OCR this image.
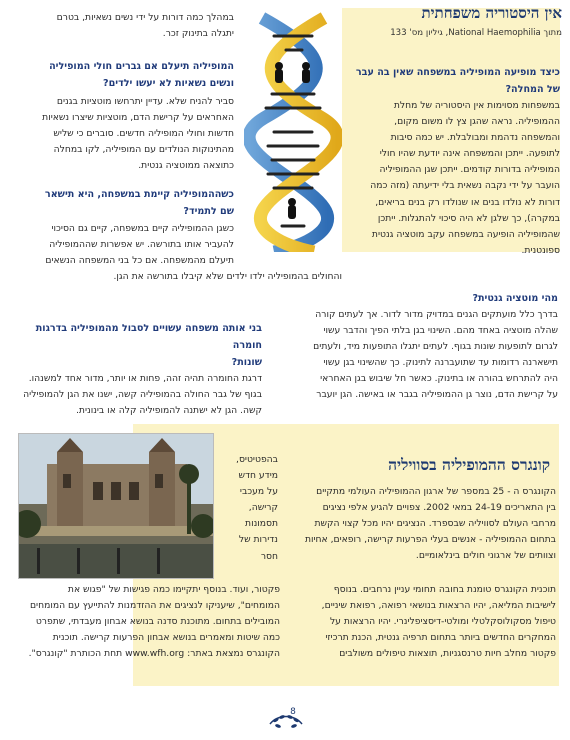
אין היסטוריה משפחתית
מתוך National Haemophilia, גיליון מס' 133
כיצד מופיעה המופיליה במשפחה שאין בה עבר
של המחלה?
במשפחות מסוימות אין היסטוריה של מחלת
ההמופיליה. נראה שהגן צץ לו משום מקום,
והמשפחה נדהמת ומבולבלת. יש כמה סיבות
לתופעה. ייתכן והמשפחה אינה יודעת שהיו חולי
המופיליה בדורות קודמים. ייתכן שגן ההמופיליה
הועבר על ידי נקבה נשאית בלי ידיעתה (מזה כמה
דורות לא נולדו בנים או שנולדו רק בנים בריאים,
במקרה), כך שלגן לא היה סיכוי להתגלות. ייתכן
שהמופיליה הופיעה במשפחה עקב מוטציה גנטית
ספונטנית.
במהלך כמה דורות על ידי נשים נשאיות, בטרם
יתגלה בתינוק זכר.
המופיליה תיעלם אם גברים חולי המופיליה
ונשים נשאיות לא יעשו ילדים?
סביר להניח שלא. עדיין יתרחשו מוטציות בגנים
האחראים על קרישת הדם, מוטציות שיצרו נשאיות
חדשות וחולי המופיליה חדשים. סוברים כי שליש
מהתינוקות הנולדים עם המופיליה, לקו במחלה
כתוצאה ממוטציה גנטית.
כשההמופיליה קיימת במשפחה, היא תישאר
שם לתמיד?
כשגן ההמופיליה קיים במשפחה, קיים גם הסיכוי
להעביר אותו בתורשה. יש אפשרות שההמופיליה
תיעלם מהמשפחה. אם כל בני המשפחה הנשאים
והחולים בהמופיליה ילדו ילדים שלא קיבלו בתורשה את הגן.
מהי מוטציה גנטית?
בדרך כלל מועתקים הגנים במדויק מדור לדור. אך לעתים קורה
שהלה מוטציה באחד מהם. השינוי בגן בלתי הפיך והדבר עשוי
לגרום לתופעות שונות בגוף. לעתים יתגלו התופעות מיד, ולעתים
תישארנה רדומות עד שתועברנה לתינוק. כך שהשינוי בגן עשוי
היה להתרחש בהורה או בתינוק. כאשר חל שיבוש בגן האחראי
על קרישת הדם, נוצר גן ההמופיליה בגבר או באישה. הגן יועבר
בני אותה משפחה עשויים לסבול מהמופיליה בדרגות חומרה
שונות?
דרגת החומרה תהיה זהה, פחות או יותר, מדור אחד למשנהו.
בגוף של גבר החולה בהמופיליה קשה, ישנו את הגן להמופיליה
קשה. הגן לא ישתנה להמופיליה קלה או בינונית.
קונגרס ההמופיליה בסוויליה
הקונגרס ה - 25 במספר של ארגון ההמופיליה העולמי מתקיים
בין התאריכים 24-19 במאי 2002. צפויים להגיע אלפי נציגים
מרחבי העולם לסוויליה שבספרד. הנציגים יהיו מכל קצוי הקשת
בתחום ההמופיליה - אנשים בעלי הפרעות קרישה, רופאים, אחיות
וצוותים של ארגוני חולים בינלאומיים.
תוכנית הקונגרס טומנת בחובה תחומי עניין נרחבים. בנוסף
לישיבות המליאה, יהיו הרצאות בנושאי רפואה, רפואת שיניים,
טיפול מסקולוסקלטלי ומולטי-דיסציפלינרי. יהיו הרצאות על
המחקרים החדשים ביותר בתחום תרפיה גנטית, הכנת תרכיזי
פקטור מחלב חיות טרנסגניות, תוצאות טיפולים משולבים
בהפטיטיס,
מידע חדש
על מעכבי
קרישה,
תסמונות
נדירות של
חסר
פקטור, ועוד. בנוסף יתקיימו כמה פגישות של "פגוש את
המומחים", שיעניקו לנציגים את ההזדמנות להתייעץ עם המומחים
המובילים בתחום. מתוכנת סדנה בנושא אבחון מעבדתי, שתפרט
כמה שיטות ומאמרים בנושא אבחון הפרעות קרישה. תוכנית
הקונגרס נמצאת באתר: www.wfh.org תחת הכותרת "קונגרס".
8
